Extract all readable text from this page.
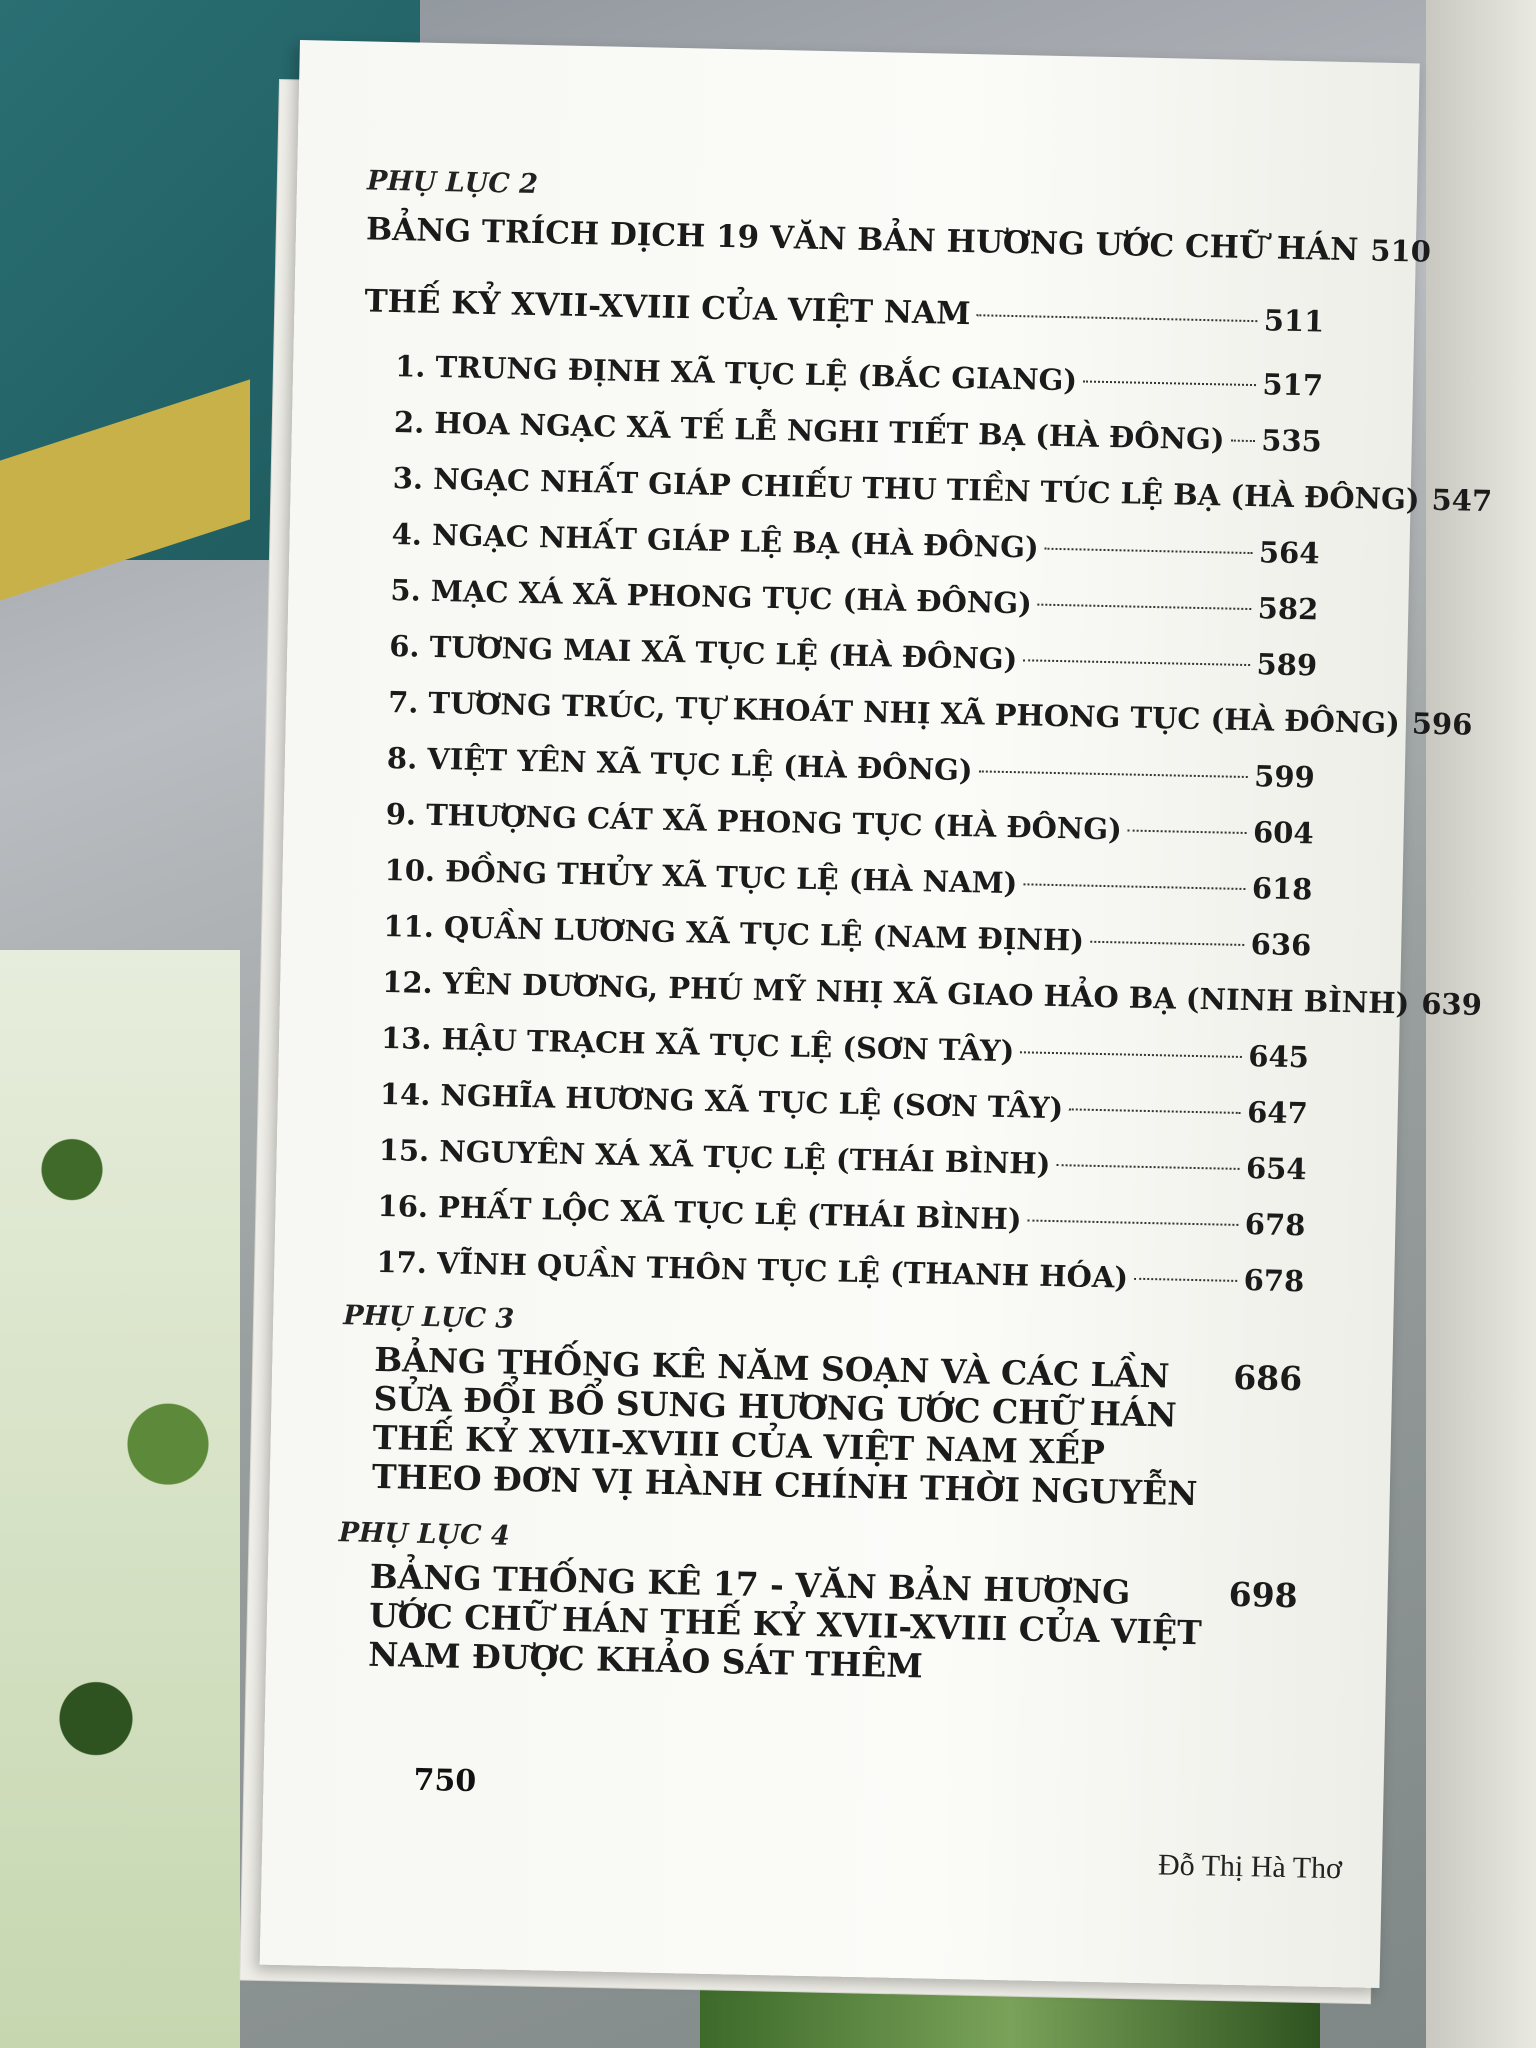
PHỤ LỤC 2
BẢNG TRÍCH DỊCH 19 VĂN BẢN HƯƠNG ƯỚC CHỮ HÁN 510
THẾ KỶ XVII-XVIII CỦA VIỆT NAM	511
1. TRUNG ĐỊNH XÃ TỤC LỆ (BẮC GIANG)	517
2. HOA NGẠC XÃ TẾ LỄ NGHI TIẾT BẠ (HÀ ĐÔNG) 535
3. NGẠC NHẤT GIÁP CHIẾU THU TIỀN TÚC LỆ BẠ (HÀ ĐÔNG) 547
4. NGẠC NHẤT GIÁP LỆ BẠ (HÀ ĐÔNG)	564
5. MẠC XÁ XÃ PHONG TỤC (HÀ ĐÔNG)	582
6. TƯƠNG MAI XÃ TỤC LỆ (HÀ ĐÔNG)	589
7. TƯƠNG TRÚC, TỰ KHOÁT NHỊ XÃ PHONG TỤC (HÀ ĐÔNG) 596
8. VIỆT YÊN XÃ TỤC LỆ (HÀ ĐÔNG)	599
9. THƯỢNG CÁT XÃ PHONG TỤC (HÀ ĐÔNG)	604
10. ĐỒNG THỦY XÃ TỤC LỆ (HÀ NAM)	618
11. QUẦN LƯƠNG XÃ TỤC LỆ (NAM ĐỊNH)	636
12. YÊN DƯƠNG, PHÚ MỸ NHỊ XÃ GIAO HẢO BẠ (NINH BÌNH) 639
13. HẬU TRẠCH XÃ TỤC LỆ (SƠN TÂY)	645
14. NGHĨA HƯƠNG XÃ TỤC LỆ (SƠN TÂY)	647
15. NGUYÊN XÁ XÃ TỤC LỆ (THÁI BÌNH)	654
16. PHẤT LỘC XÃ TỤC LỆ (THÁI BÌNH)	678
17. VĨNH QUẦN THÔN TỤC LỆ (THANH HÓA)	678
PHỤ LỤC 3
BẢNG THỐNG KÊ NĂM SOẠN VÀ CÁC LẦN SỬA ĐỔI BỔ SUNG HƯƠNG ƯỚC CHỮ HÁN THẾ KỶ XVII-XVIII CỦA VIỆT NAM XẾP THEO ĐƠN VỊ HÀNH CHÍNH THỜI NGUYỄN
686
PHỤ LỤC 4
BẢNG THỐNG KÊ 17 - VĂN BẢN HƯƠNG ƯỚC CHỮ HÁN THẾ KỶ XVII-XVIII CỦA VIỆT NAM ĐƯỢC KHẢO SÁT THÊM
698
750
Đỗ Thị Hà Thơ
